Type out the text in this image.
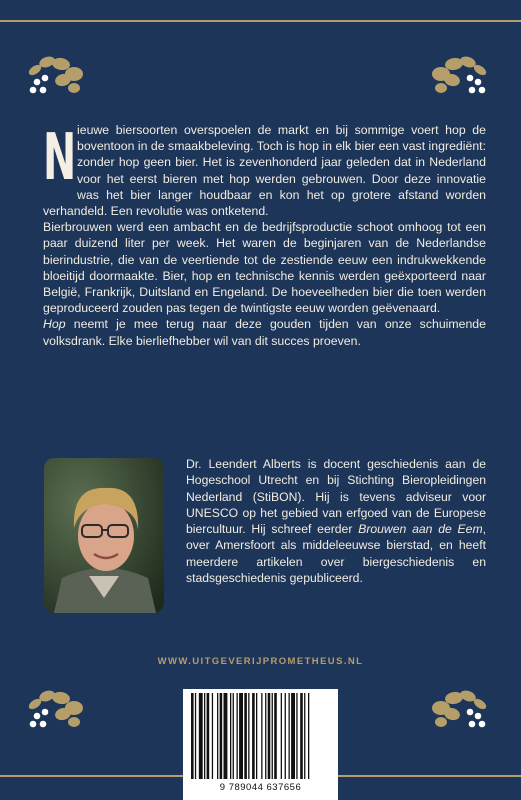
Nieuwe biersoorten overspoelen de markt en bij sommige voert hop de boventoon in de smaakbeleving. Toch is hop in elk bier een vast ingrediënt: zonder hop geen bier. Het is zevenhonderd jaar geleden dat in Nederland voor het eerst bieren met hop werden gebrouwen. Door deze innovatie was het bier langer houdbaar en kon het op grotere afstand worden verhandeld. Een revolutie was ontketend.

Bierbrouwen werd een ambacht en de bedrijfsproductie schoot omhoog tot een paar duizend liter per week. Het waren de beginjaren van de Nederlandse bierindustrie, die van de veertiende tot de zestiende eeuw een indrukwekkende bloeitijd doormaakte. Bier, hop en technische kennis werden geëxporteerd naar België, Frankrijk, Duitsland en Engeland. De hoeveelheden bier die toen werden geproduceerd zouden pas tegen de twintigste eeuw worden geëvenaard.

Hop neemt je mee terug naar deze gouden tijden van onze schuimende volksdrank. Elke bierliefhebber wil van dit succes proeven.

Dr. Leendert Alberts is docent geschiedenis aan de Hogeschool Utrecht en bij Stichting Bieropleidingen Nederland (StiBON). Hij is tevens adviseur voor UNESCO op het gebied van erfgoed van de Europese biercultuur. Hij schreef eerder Brouwen aan de Eem, over Amersfoort als middeleeuwse bierstad, en heeft meerdere artikelen over biergeschiedenis en stadsgeschiedenis gepubliceerd.
WWW.UITGEVERIJPROMETHEUS.NL
9 789044 637656
